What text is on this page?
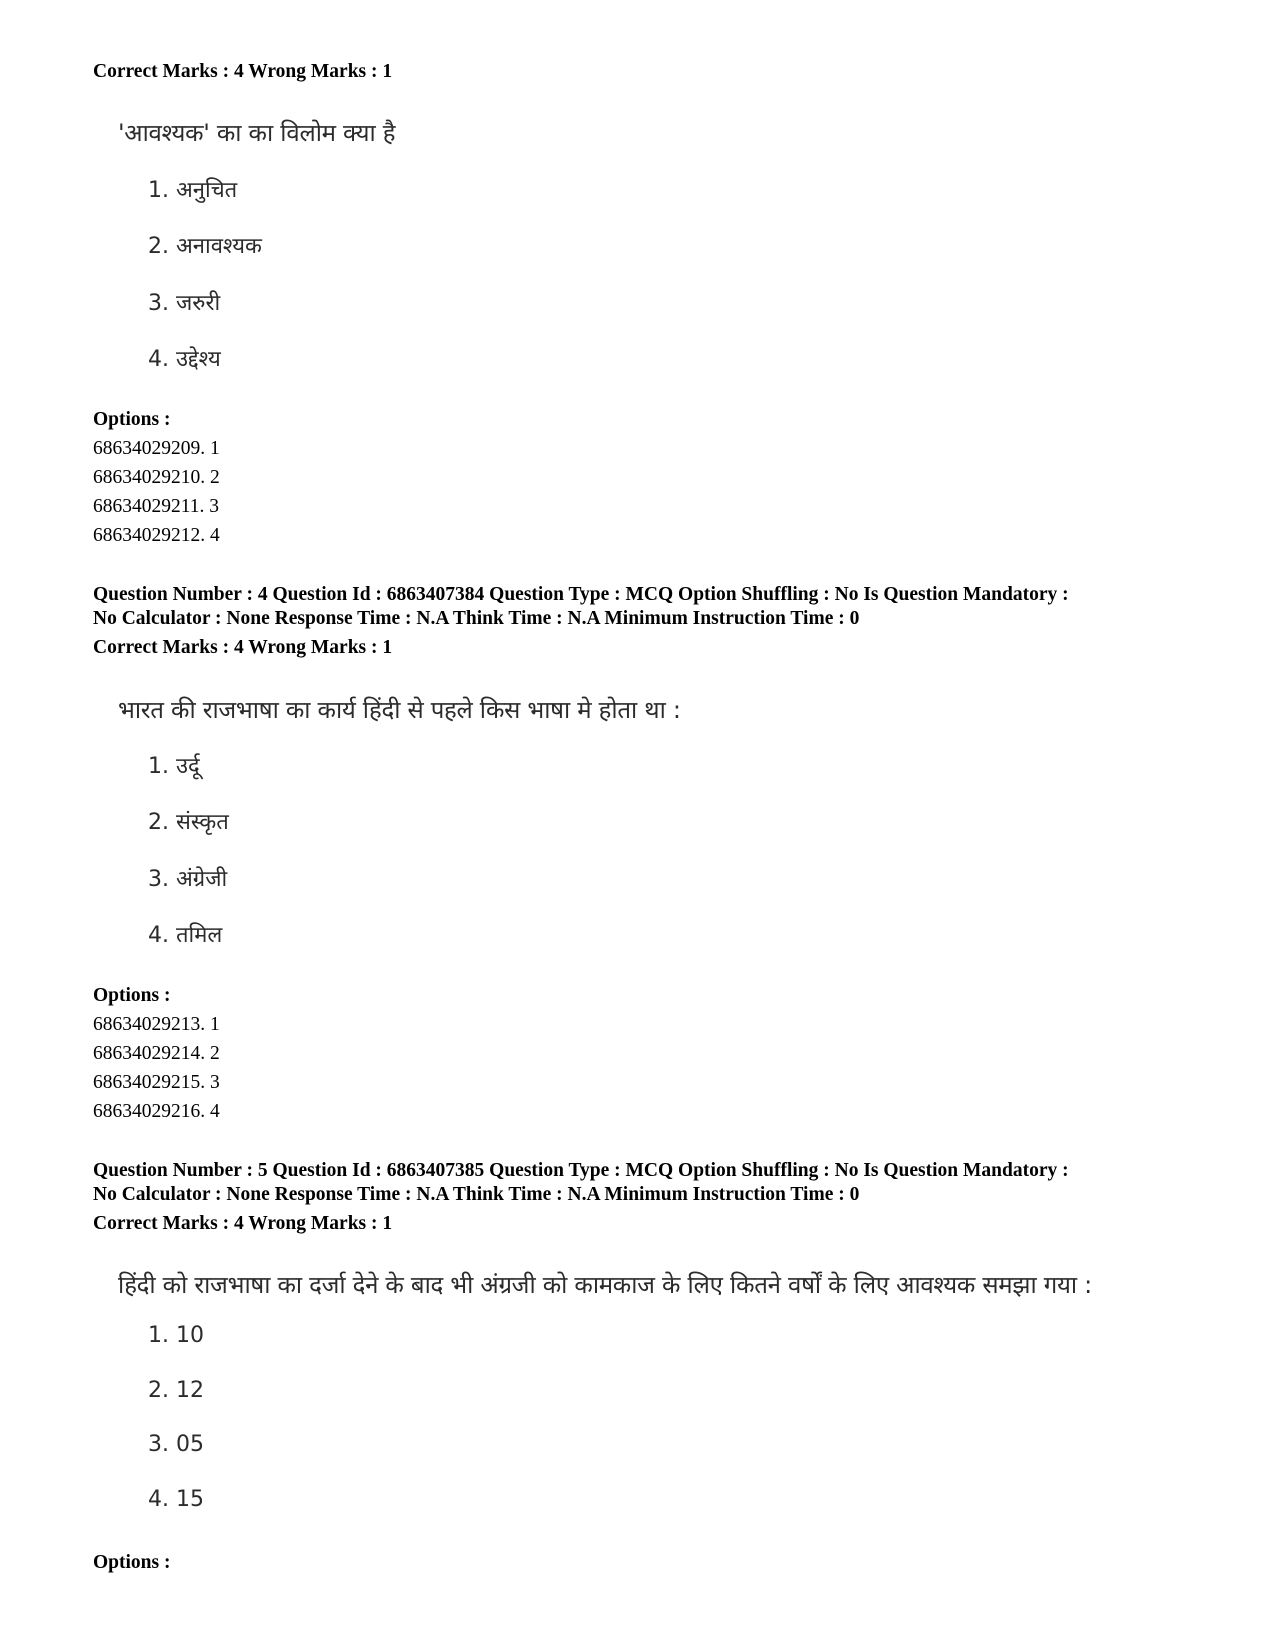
Correct Marks : 4 Wrong Marks : 1
'आवश्यक' का का विलोम क्या है
1. अनुचित
2. अनावश्यक
3. जरुरी
4. उद्देश्य
Options :
68634029209. 1
68634029210. 2
68634029211. 3
68634029212. 4
Question Number : 4 Question Id : 6863407384 Question Type : MCQ Option Shuffling : No Is Question Mandatory :
No Calculator : None Response Time : N.A Think Time : N.A Minimum Instruction Time : 0
Correct Marks : 4 Wrong Marks : 1
भारत की राजभाषा का कार्य हिंदी से पहले किस भाषा मे होता था :
1. उर्दू
2. संस्कृत
3. अंग्रेजी
4. तमिल
Options :
68634029213. 1
68634029214. 2
68634029215. 3
68634029216. 4
Question Number : 5 Question Id : 6863407385 Question Type : MCQ Option Shuffling : No Is Question Mandatory :
No Calculator : None Response Time : N.A Think Time : N.A Minimum Instruction Time : 0
Correct Marks : 4 Wrong Marks : 1
हिंदी को राजभाषा का दर्जा देने के बाद भी अंग्रजी को कामकाज के लिए कितने वर्षों के लिए आवश्यक समझा गया :
1. 10
2. 12
3. 05
4. 15
Options :
